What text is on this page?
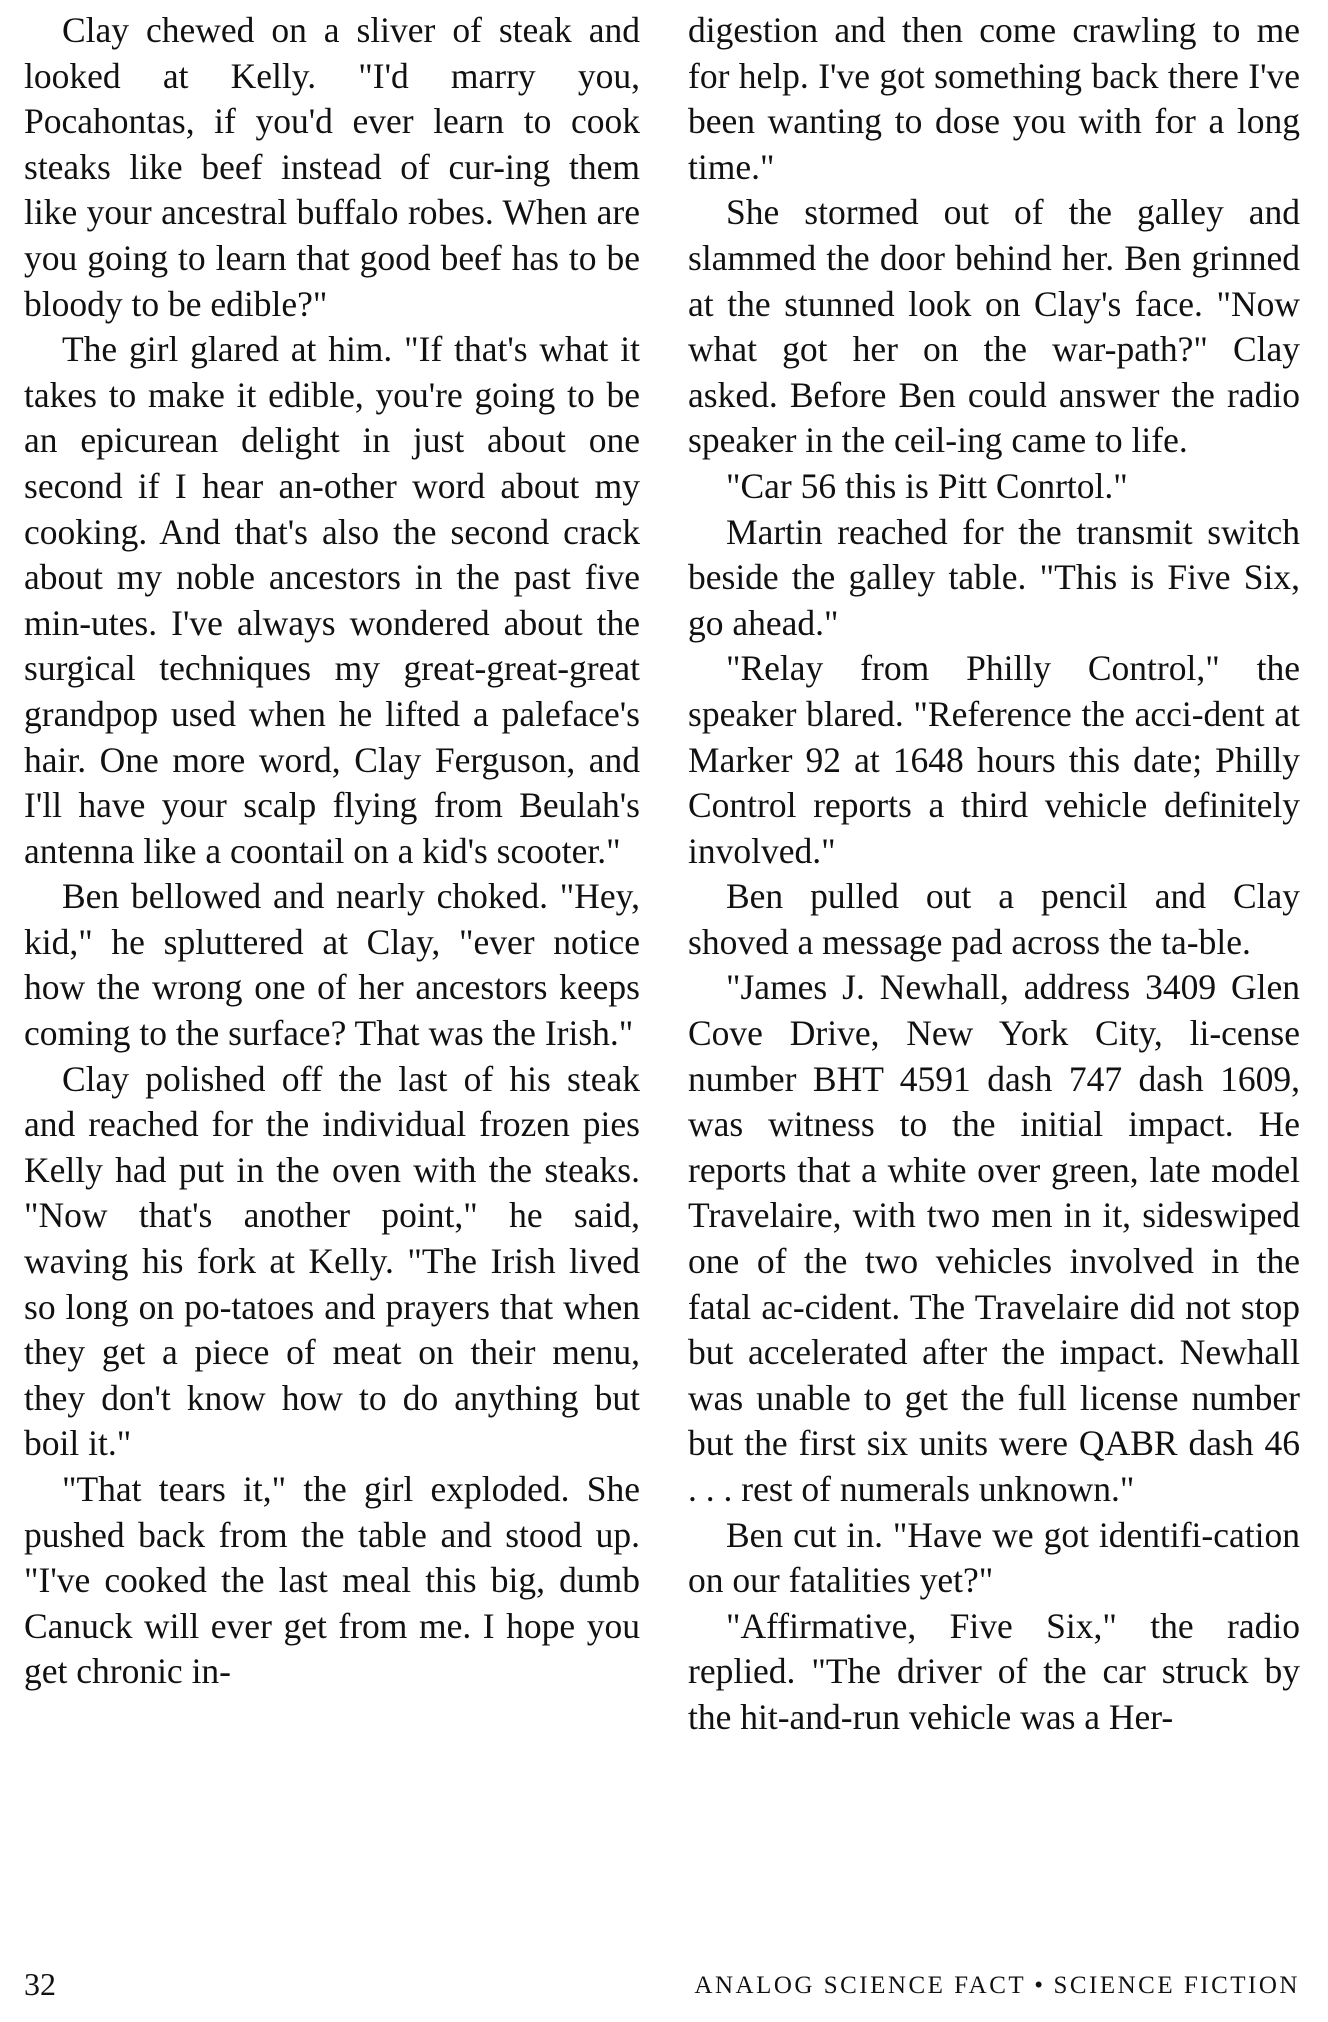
Clay chewed on a sliver of steak and looked at Kelly. "I'd marry you, Pocahontas, if you'd ever learn to cook steaks like beef instead of cur-ing them like your ancestral buffalo robes. When are you going to learn that good beef has to be bloody to be edible?"

The girl glared at him. "If that's what it takes to make it edible, you're going to be an epicurean delight in just about one second if I hear an-other word about my cooking. And that's also the second crack about my noble ancestors in the past five min-utes. I've always wondered about the surgical techniques my great-great-great grandpop used when he lifted a paleface's hair. One more word, Clay Ferguson, and I'll have your scalp flying from Beulah's antenna like a coontail on a kid's scooter."

Ben bellowed and nearly choked. "Hey, kid," he spluttered at Clay, "ever notice how the wrong one of her ancestors keeps coming to the surface? That was the Irish."

Clay polished off the last of his steak and reached for the individual frozen pies Kelly had put in the oven with the steaks. "Now that's another point," he said, waving his fork at Kelly. "The Irish lived so long on po-tatoes and prayers that when they get a piece of meat on their menu, they don't know how to do anything but boil it."

"That tears it," the girl exploded. She pushed back from the table and stood up. "I've cooked the last meal this big, dumb Canuck will ever get from me. I hope you get chronic in-

digestion and then come crawling to me for help. I've got something back there I've been wanting to dose you with for a long time."

She stormed out of the galley and slammed the door behind her. Ben grinned at the stunned look on Clay's face. "Now what got her on the war-path?" Clay asked. Before Ben could answer the radio speaker in the ceil-ing came to life.

"Car 56 this is Pitt Conrtol."

Martin reached for the transmit switch beside the galley table. "This is Five Six, go ahead."

"Relay from Philly Control," the speaker blared. "Reference the acci-dent at Marker 92 at 1648 hours this date; Philly Control reports a third vehicle definitely involved."

Ben pulled out a pencil and Clay shoved a message pad across the ta-ble.

"James J. Newhall, address 3409 Glen Cove Drive, New York City, li-cense number BHT 4591 dash 747 dash 1609, was witness to the initial impact. He reports that a white over green, late model Travelaire, with two men in it, sideswiped one of the two vehicles involved in the fatal ac-cident. The Travelaire did not stop but accelerated after the impact. Newhall was unable to get the full license number but the first six units were QABR dash 46 . . . rest of numerals unknown."

Ben cut in. "Have we got identifi-cation on our fatalities yet?"

"Affirmative, Five Six," the radio replied. "The driver of the car struck by the hit-and-run vehicle was a Her-

32	ANALOG SCIENCE FACT • SCIENCE FICTION
